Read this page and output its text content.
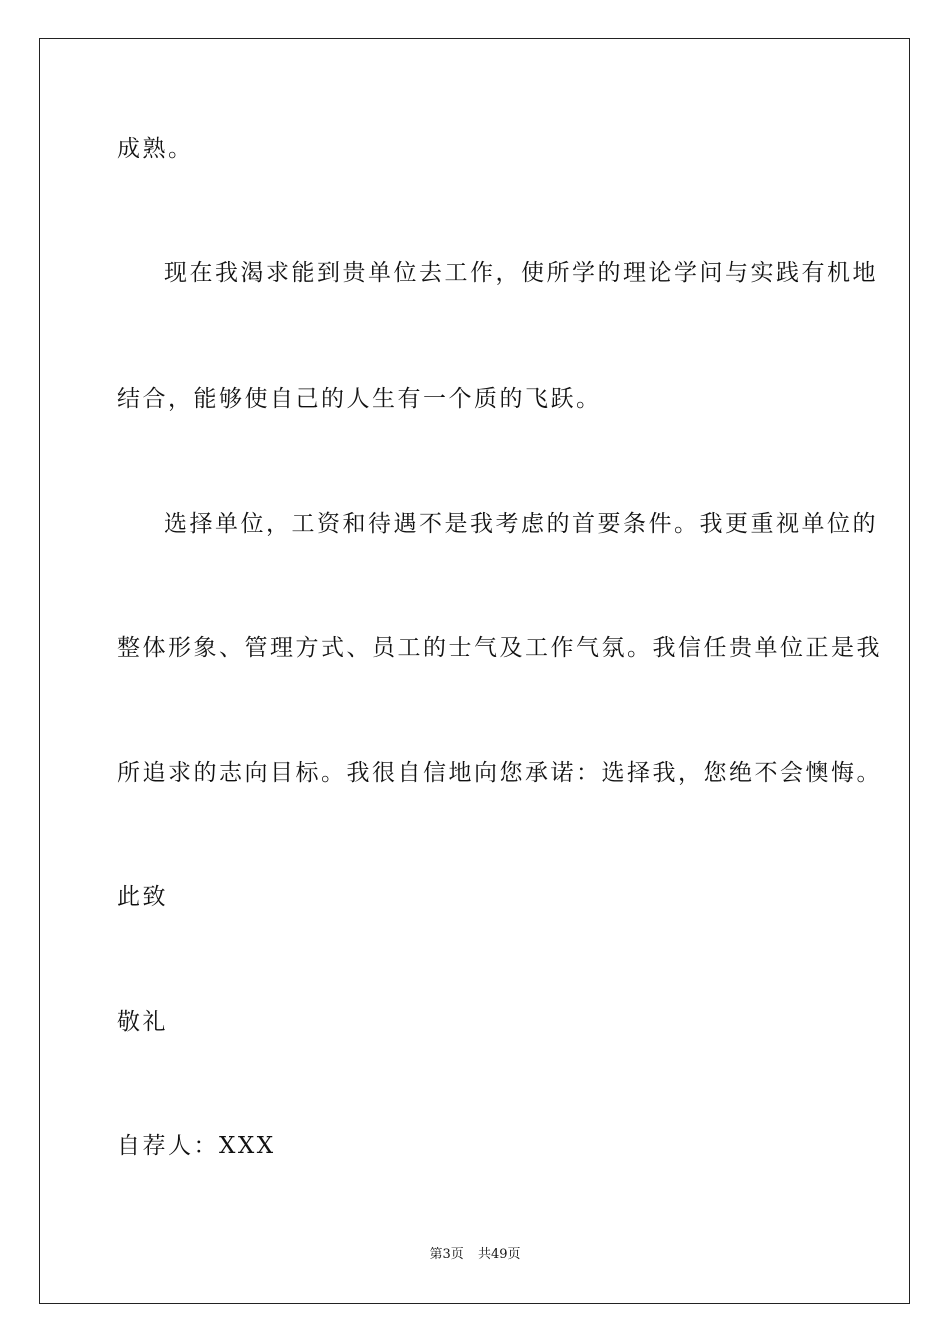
成熟。
现在我渴求能到贵单位去工作，使所学的理论学问与实践有机地
结合，能够使自己的人生有一个质的飞跃。
选择单位，工资和待遇不是我考虑的首要条件。我更重视单位的
整体形象、管理方式、员工的士气及工作气氛。我信任贵单位正是我
所追求的志向目标。我很自信地向您承诺：选择我，您绝不会懊悔。
此致
敬礼
自荐人：XXX
第3页 共49页
